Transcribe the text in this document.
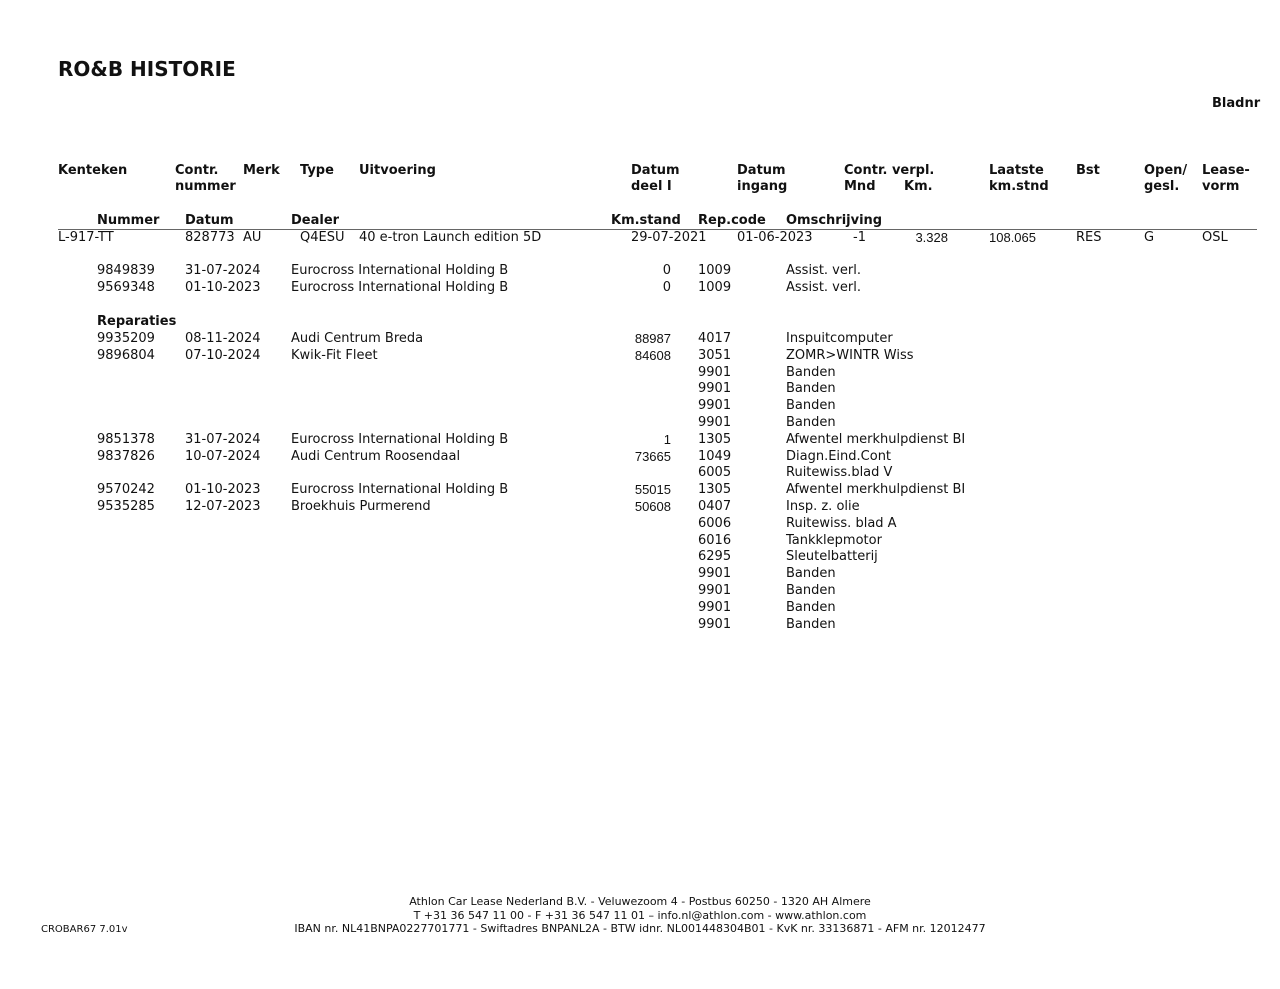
RO&B HISTORIE
Bladnr
Kenteken	Contr.
nummer
Merk Type Uitvoering	Datum
deel I
Datum
ingang
Contr. verpl.
Mnd Km.
Laatste
km.stnd
Bst	Open/
gesl.
Lease-
vorm
Nummer Datum	Dealer	Km.stand Rep.code Omschrijving
L-917-TT	828773 AU	Q4ESU 40 e-tron Launch edition 5D	29-07-2021 01-06-2023	-1	3.328	108.065	RES	G	OSL
9849839 31-07-2024 Eurocross International Holding B	0 1009	Assist. verl.
9569348 01-10-2023 Eurocross International Holding B	0 1009	Assist. verl.
Reparaties
9935209 08-11-2024 Audi Centrum Breda	88987 4017	Inspuitcomputer
9896804 07-10-2024 Kwik-Fit Fleet	84608 3051	ZOMR>WINTR Wiss
9901	Banden
9901	Banden
9901	Banden
9901	Banden
9851378 31-07-2024 Eurocross International Holding B	1 1305	Afwentel merkhulpdienst BI
9837826 10-07-2024 Audi Centrum Roosendaal	73665 1049	Diagn.Eind.Cont
6005	Ruitewiss.blad V
9570242 01-10-2023 Eurocross International Holding B	55015 1305	Afwentel merkhulpdienst BI
9535285 12-07-2023 Broekhuis Purmerend	50608 0407	Insp. z. olie
6006	Ruitewiss. blad A
6016	Tankklepmotor
6295	Sleutelbatterij
9901	Banden
9901	Banden
9901	Banden
9901	Banden
Athlon Car Lease Nederland B.V. - Veluwezoom 4 - Postbus 60250 - 1320 AH Almere
T +31 36 547 11 00 - F +31 36 547 11 01 – info.nl@athlon.com - www.athlon.com
IBAN nr. NL41BNPA0227701771 - Swiftadres BNPANL2A - BTW idnr. NL001448304B01 - KvK nr. 33136871 - AFM nr. 12012477
CROBAR67 7.01v
